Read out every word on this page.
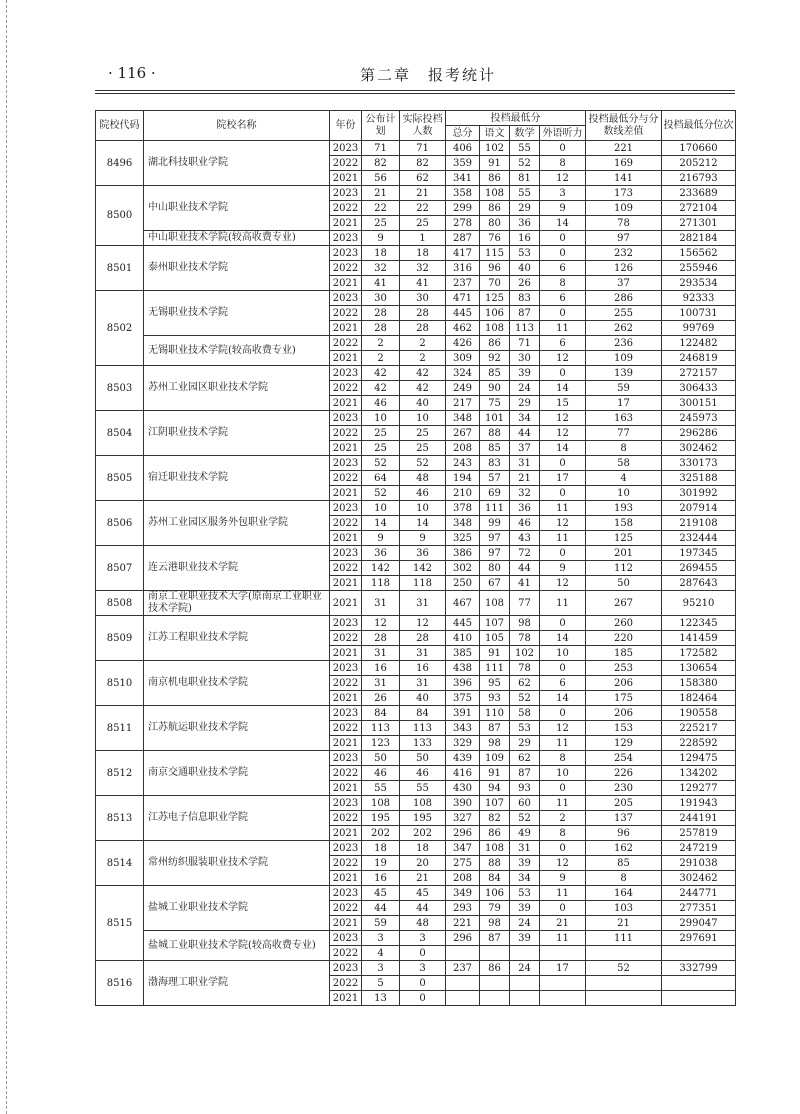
· 116 ·	第二章　报考统计
院校代码	院校名称	年份	公布计划	实际投档人数	投档最低分				投档最低分与分数线差值	投档最低分位次
					总分	语文	数学	外语听力		
8496	湖北科技职业学院	2023	71	71	406	102	55	0	221	170660
		2022	82	82	359	91	52	8	169	205212
		2021	56	62	341	86	81	12	141	216793
8500	中山职业技术学院	2023	21	21	358	108	55	3	173	233689
		2022	22	22	299	86	29	9	109	272104
		2021	25	25	278	80	36	14	78	271301
	中山职业技术学院(较高收费专业)	2023	9	1	287	76	16	0	97	282184
8501	泰州职业技术学院	2023	18	18	417	115	53	0	232	156562
		2022	32	32	316	96	40	6	126	255946
		2021	41	41	237	70	26	8	37	293534
8502	无锡职业技术学院	2023	30	30	471	125	83	6	286	92333
		2022	28	28	445	106	87	0	255	100731
		2021	28	28	462	108	113	11	262	99769
	无锡职业技术学院(较高收费专业)	2022	2	2	426	86	71	6	236	122482
		2021	2	2	309	92	30	12	109	246819
8503	苏州工业园区职业技术学院	2023	42	42	324	85	39	0	139	272157
		2022	42	42	249	90	24	14	59	306433
		2021	46	40	217	75	29	15	17	300151
8504	江阴职业技术学院	2023	10	10	348	101	34	12	163	245973
		2022	25	25	267	88	44	12	77	296286
		2021	25	25	208	85	37	14	8	302462
8505	宿迁职业技术学院	2023	52	52	243	83	31	0	58	330173
		2022	64	48	194	57	21	17	4	325188
		2021	52	46	210	69	32	0	10	301992
8506	苏州工业园区服务外包职业学院	2023	10	10	378	111	36	11	193	207914
		2022	14	14	348	99	46	12	158	219108
		2021	9	9	325	97	43	11	125	232444
8507	连云港职业技术学院	2023	36	36	386	97	72	0	201	197345
		2022	142	142	302	80	44	9	112	269455
		2021	118	118	250	67	41	12	50	287643
8508	南京工业职业技术大学(原南京工业职业技术学院)	2021	31	31	467	108	77	11	267	95210
8509	江苏工程职业技术学院	2023	12	12	445	107	98	0	260	122345
		2022	28	28	410	105	78	14	220	141459
		2021	31	31	385	91	102	10	185	172582
8510	南京机电职业技术学院	2023	16	16	438	111	78	0	253	130654
		2022	31	31	396	95	62	6	206	158380
		2021	26	40	375	93	52	14	175	182464
8511	江苏航运职业技术学院	2023	84	84	391	110	58	0	206	190558
		2022	113	113	343	87	53	12	153	225217
		2021	123	133	329	98	29	11	129	228592
8512	南京交通职业技术学院	2023	50	50	439	109	62	8	254	129475
		2022	46	46	416	91	87	10	226	134202
		2021	55	55	430	94	93	0	230	129277
8513	江苏电子信息职业学院	2023	108	108	390	107	60	11	205	191943
		2022	195	195	327	82	52	2	137	244191
		2021	202	202	296	86	49	8	96	257819
8514	常州纺织服装职业技术学院	2023	18	18	347	108	31	0	162	247219
		2022	19	20	275	88	39	12	85	291038
		2021	16	21	208	84	34	9	8	302462
8515	盐城工业职业技术学院	2023	45	45	349	106	53	11	164	244771
		2022	44	44	293	79	39	0	103	277351
		2021	59	48	221	98	24	21	21	299047
	盐城工业职业技术学院(较高收费专业)	2023	3	3	296	87	39	11	111	297691
		2022	4	0						
8516	渤海理工职业学院	2023	3	3	237	86	24	17	52	332799
		2022	5	0						
		2021	13	0						
